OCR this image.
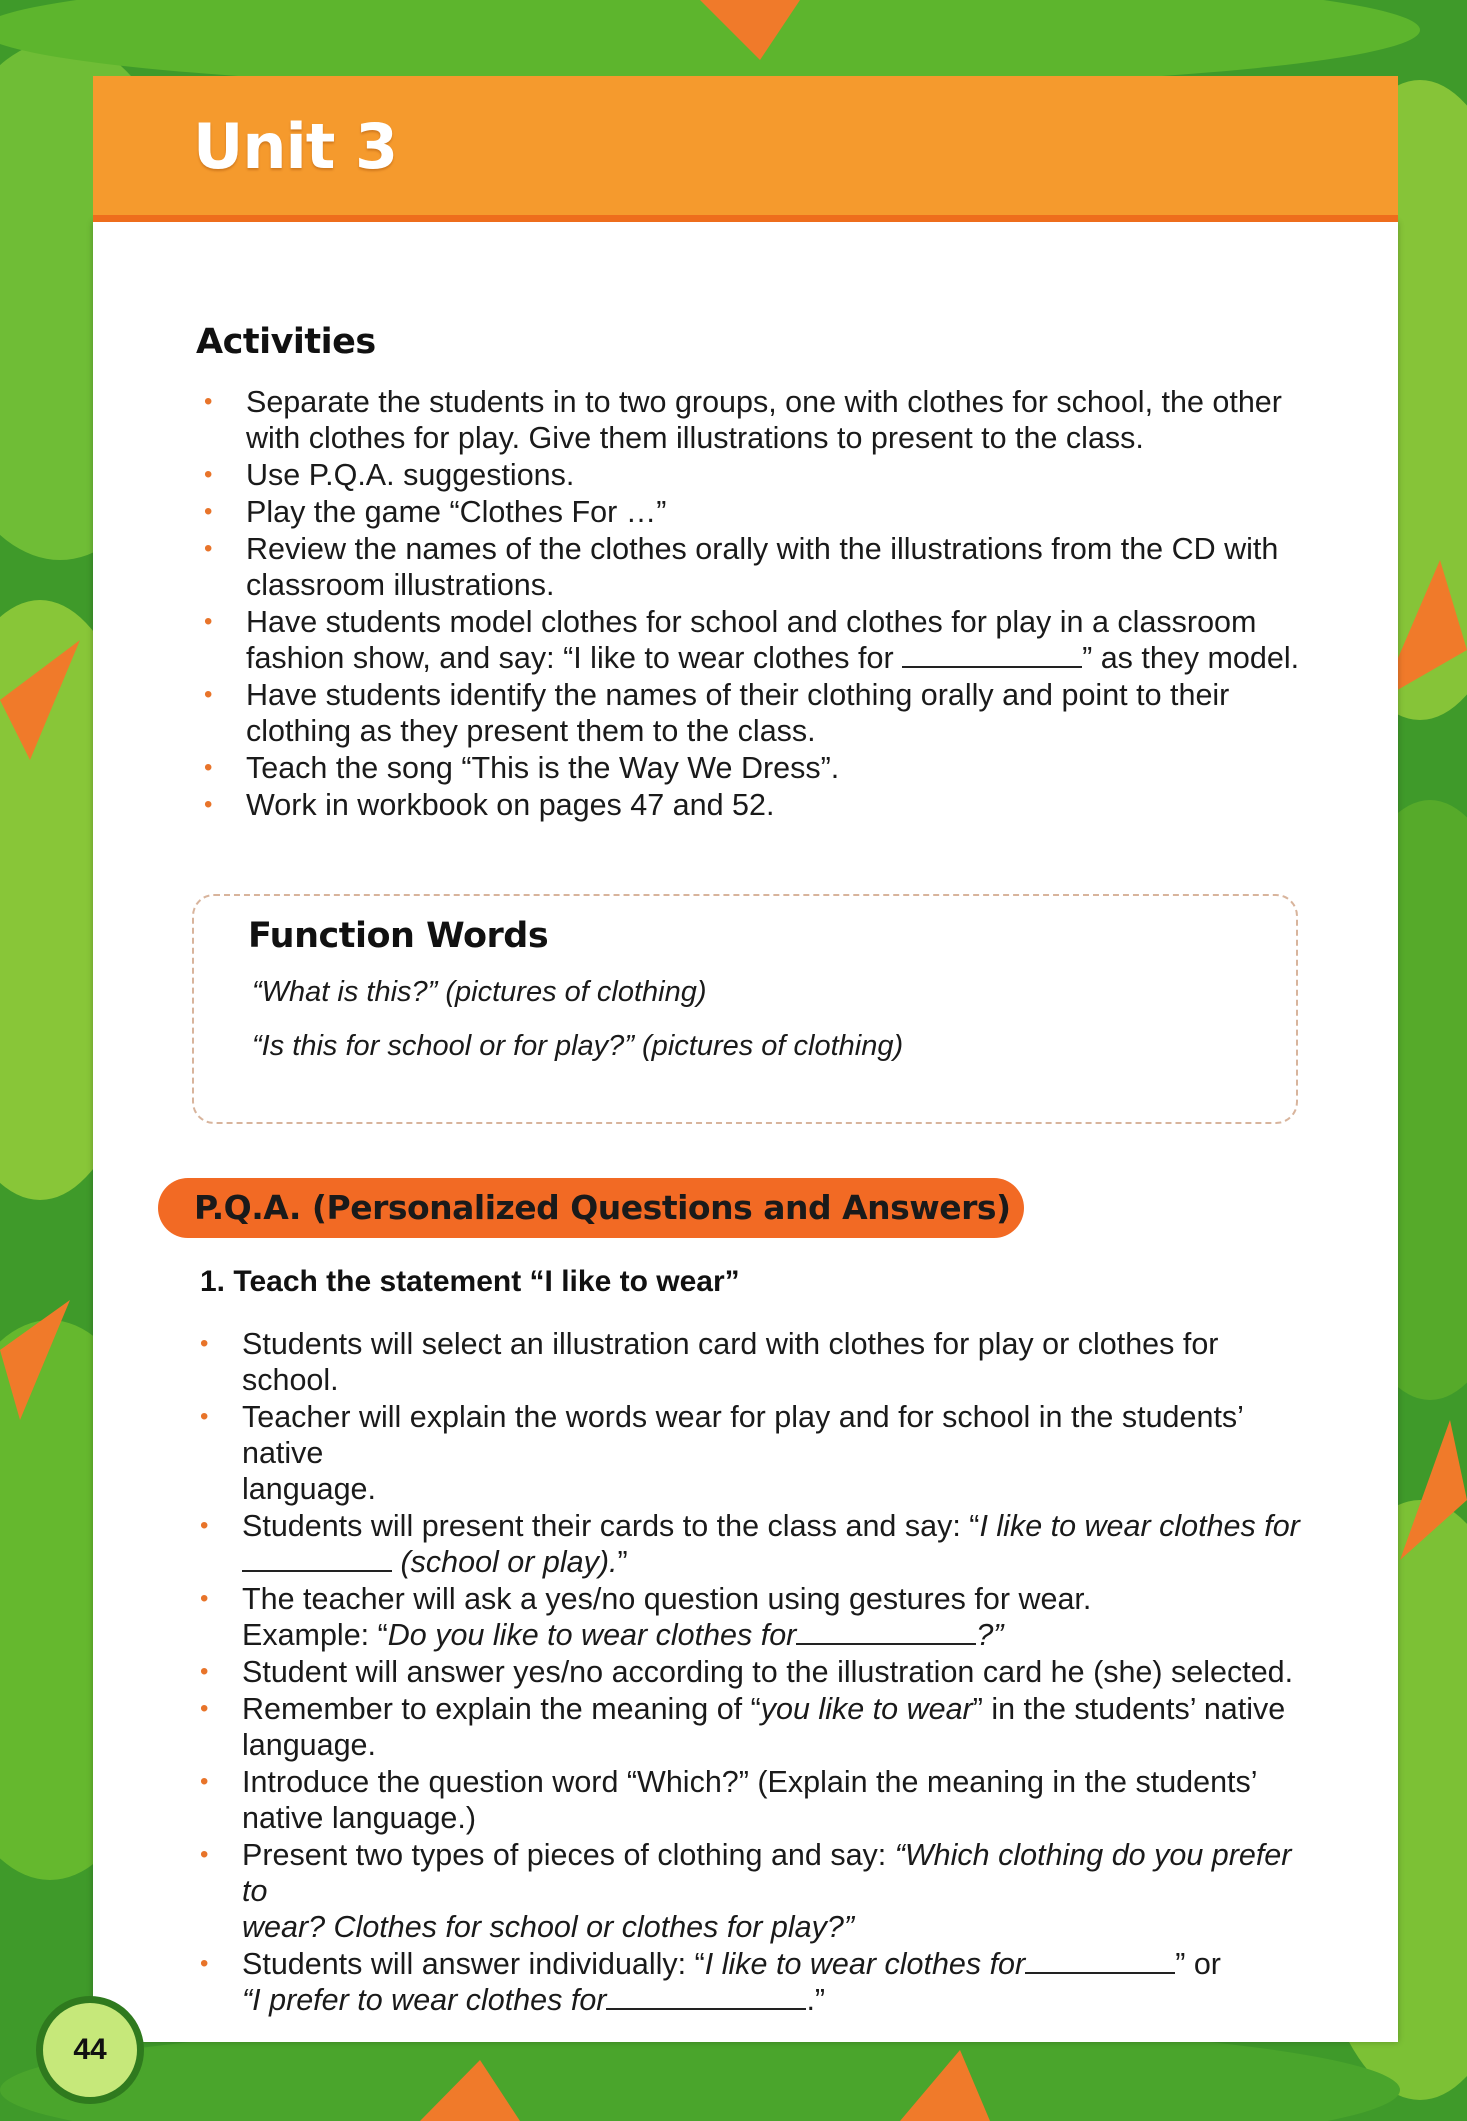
Unit 3
Activities
• Separate the students in to two groups, one with clothes for school, the other
with clothes for play. Give them illustrations to present to the class.
• Use P.Q.A. suggestions.
• Play the game “Clothes For …”
• Review the names of the clothes orally with the illustrations from the CD with
classroom illustrations.
• Have students model clothes for school and clothes for play in a classroom
fashion show, and say: “I like to wear clothes for	” as they model.
• Have students identify the names of their clothing orally and point to their
clothing as they present them to the class.
• Teach the song “This is the Way We Dress”.
• Work in workbook on pages 47 and 52.
Function Words

“What is this?” (pictures of clothing)

“Is this for school or for play?” (pictures of clothing)

P.Q.A. (Personalized Questions and Answers)

1. Teach the statement “I like to wear”

• Students will select an illustration card with clothes for play or clothes for school.
• Teacher will explain the words wear for play and for school in the students’ native
language.
• Students will present their cards to the class and say: “I like to wear clothes for
(school or play).”
• The teacher will ask a yes/no question using gestures for wear.
Example: “Do you like to wear clothes for	?”
• Student will answer yes/no according to the illustration card he (she) selected.
• Remember to explain the meaning of “you like to wear” in the students’ native
language.
• Introduce the question word “Which?” (Explain the meaning in the students’
native language.)
• Present two types of pieces of clothing and say: “Which clothing do you prefer to
wear? Clothes for school or clothes for play?”
• Students will answer individually: “I like to wear clothes for	” or
“I prefer to wear clothes for	.”
44
